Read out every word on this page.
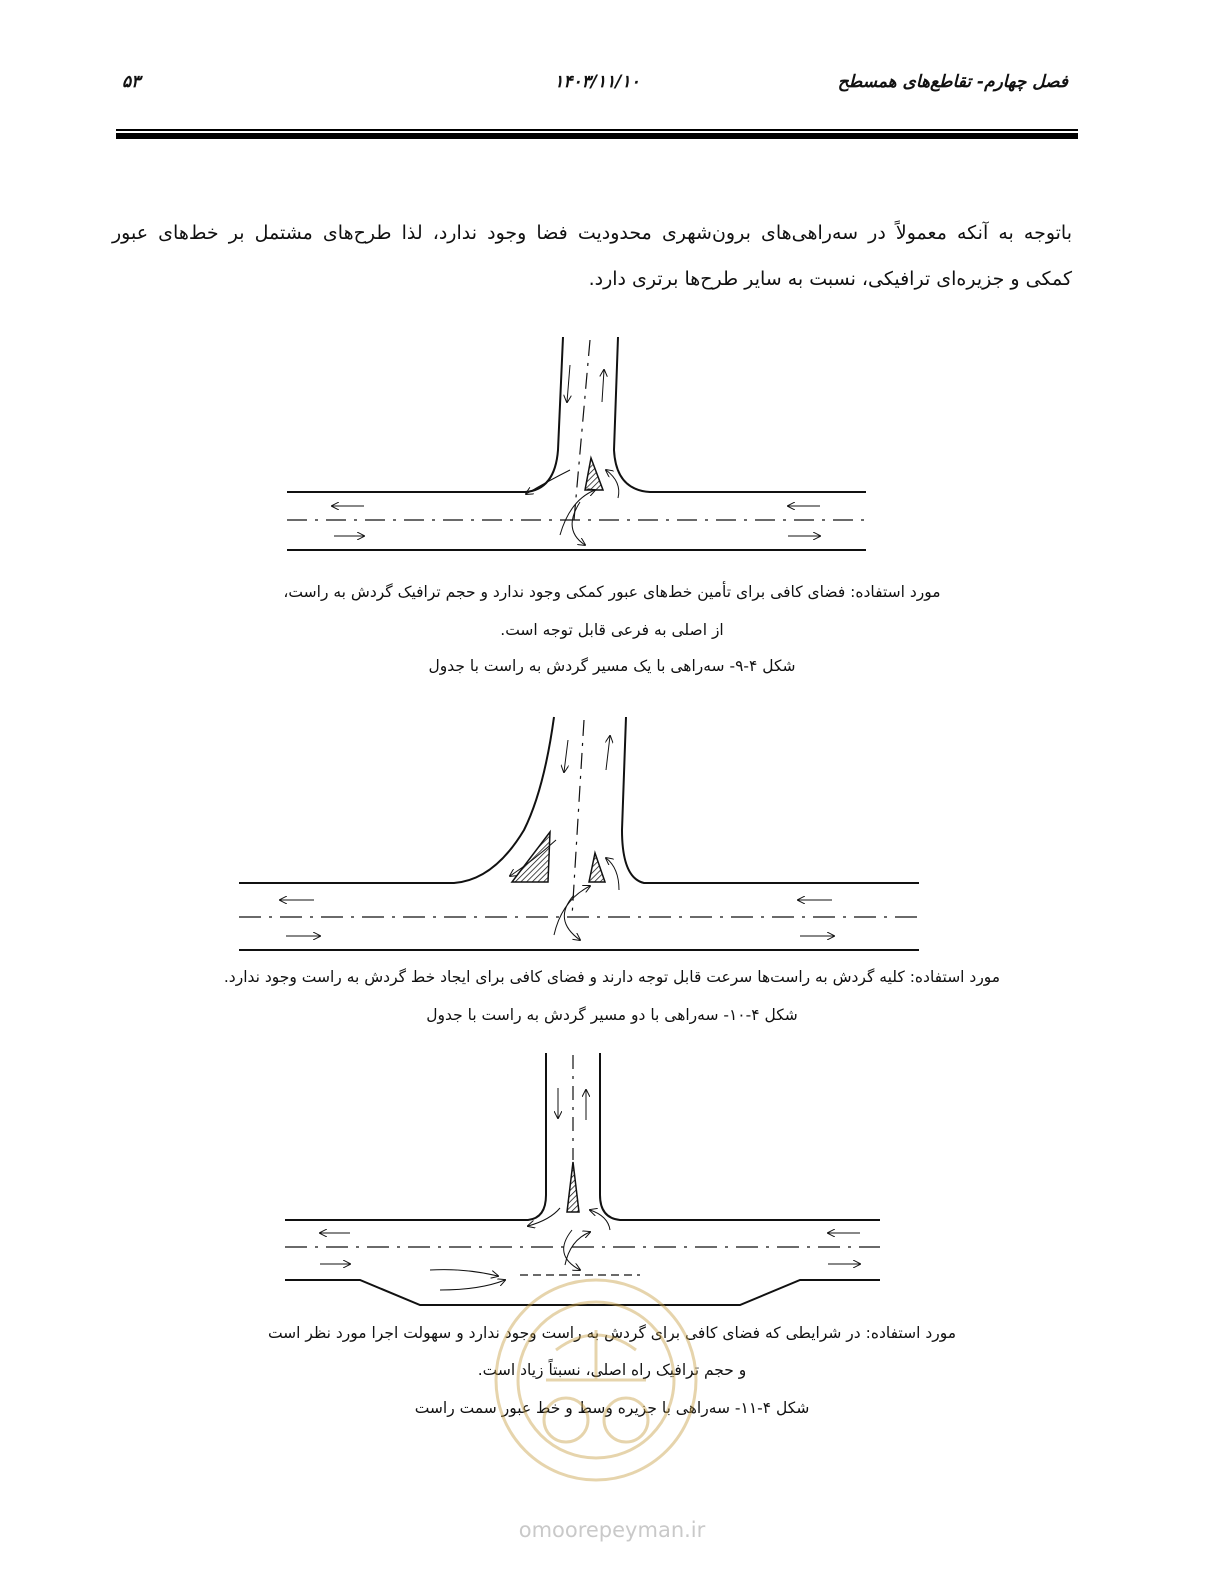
فصل چهارم- تقاطع‌های همسطح
۱۴۰۳/۱۱/۱۰
۵۳
باتوجه به آنکه معمولاً در سه‌راهی‌های برون‌شهری محدودیت فضا وجود ندارد، لذا طرح‌های مشتمل بر خط‌های عبور
کمکی و جزیره‌ای ترافیکی، نسبت به سایر طرح‌ها برتری دارد.
مورد استفاده: فضای کافی برای تأمین خط‌های عبور کمکی وجود ندارد و حجم ترافیک گردش به راست،
از اصلی به فرعی قابل توجه است.
شکل ۴-۹- سه‌راهی با یک مسیر گردش به راست با جدول
مورد استفاده: کلیه گردش به راست‌ها سرعت قابل توجه دارند و فضای کافی برای ایجاد خط گردش به راست وجود ندارد.
شکل ۴-۱۰- سه‌راهی با دو مسیر گردش به راست با جدول
مورد استفاده: در شرایطی که فضای کافی برای گردش به راست وجود ندارد و سهولت اجرا مورد نظر است
و حجم ترافیک راه اصلی، نسبتاً زیاد است.
شکل ۴-۱۱- سه‌راهی با جزیره وسط و خط عبور سمت راست
omoorepeyman.ir
